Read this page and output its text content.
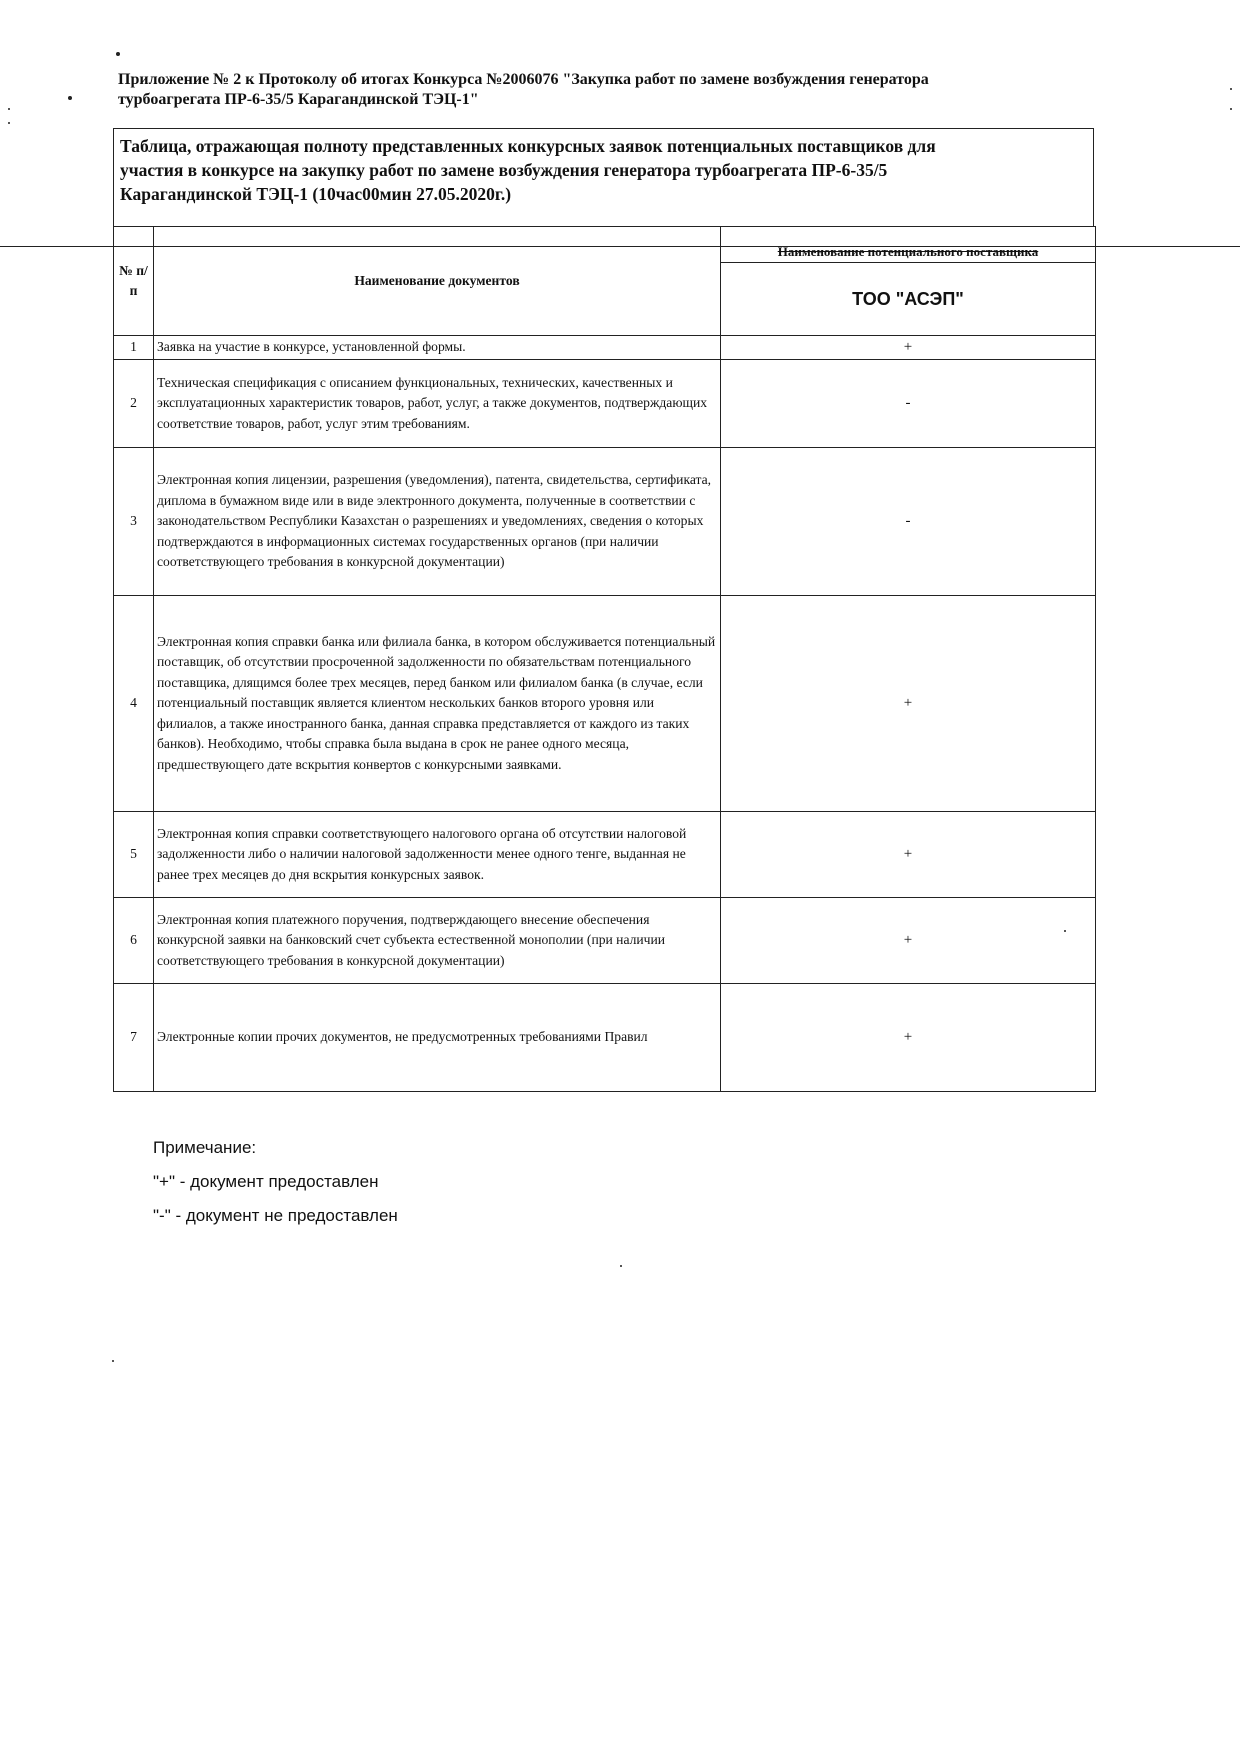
Приложение № 2 к Протоколу об итогах Конкурса №2006076 "Закупка работ по замене возбуждения генератора
турбоагрегата ПР-6-35/5 Карагандинской ТЭЦ-1"
Таблица, отражающая полноту представленных конкурсных заявок потенциальных поставщиков для
участия в конкурсе на закупку работ по замене возбуждения генератора турбоагрегата ПР-6-35/5
Карагандинской ТЭЦ-1 (10час00мин 27.05.2020г.)
№ п/п	Наименование документов	Наименование потенциального поставщика
		ТОО "АСЭП"
1	Заявка на участие в конкурсе, установленной формы.	+
2	Техническая спецификация с описанием функциональных, технических, качественных и эксплуатационных характеристик товаров, работ, услуг, а также документов, подтверждающих соответствие товаров, работ, услуг этим требованиям.	-
3	Электронная копия лицензии, разрешения (уведомления), патента, свидетельства, сертификата, диплома в бумажном виде или в виде электронного документа, полученные в соответствии с законодательством Республики Казахстан о разрешениях и уведомлениях, сведения о которых подтверждаются в информационных системах государственных органов (при наличии соответствующего требования в конкурсной документации)	-
4	Электронная копия справки банка или филиала банка, в котором обслуживается потенциальный поставщик, об отсутствии просроченной задолженности по обязательствам потенциального поставщика, длящимся более трех месяцев, перед банком или филиалом банка (в случае, если потенциальный поставщик является клиентом нескольких банков второго уровня или филиалов, а также иностранного банка, данная справка представляется от каждого из таких банков). Необходимо, чтобы справка была выдана в срок не ранее одного месяца, предшествующего дате вскрытия конвертов с конкурсными заявками.	+
5	Электронная копия справки соответствующего налогового органа об отсутствии налоговой задолженности либо о наличии налоговой задолженности менее одного тенге, выданная не ранее трех месяцев до дня вскрытия конкурсных заявок.	+
6	Электронная копия платежного поручения, подтверждающего внесение обеспечения конкурсной заявки на банковский счет субъекта естественной монополии (при наличии соответствующего требования в конкурсной документации)	+
7	Электронные копии прочих документов, не предусмотренных требованиями Правил	+
Примечание:
"+" - документ предоставлен
"-" - документ не предоставлен
